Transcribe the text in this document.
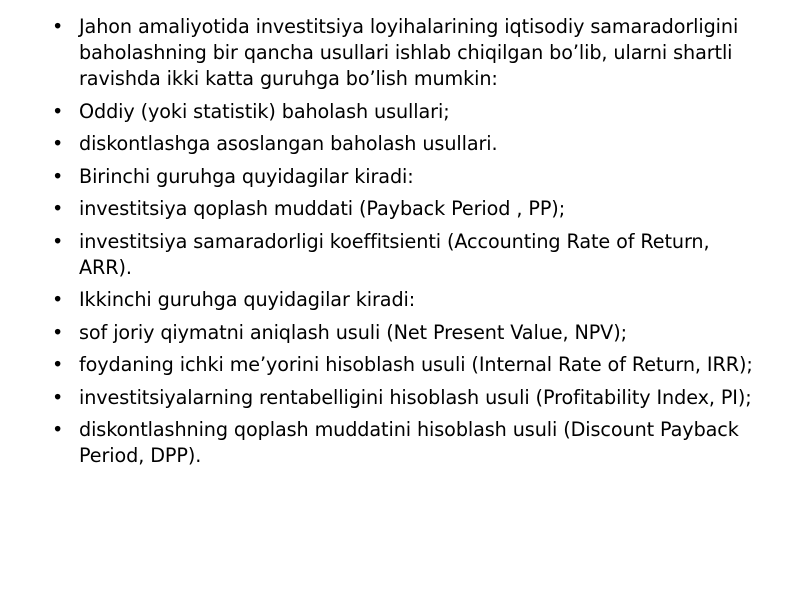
• Jahon amaliyotida investitsiya loyihalarining iqtisodiy samaradorligini baholashning bir qancha usullari ishlab chiqilgan bo’lib, ularni shartli ravishda ikki katta guruhga bo’lish mumkin:
• Oddiy (yoki statistik) baholash usullari;
• diskontlashga asoslangan baholash usullari.
• Birinchi guruhga quyidagilar kiradi:
• investitsiya qoplash muddati (Payback Period , PP);
• investitsiya samaradorligi koeffitsienti (Accounting Rate of Return, ARR).
• Ikkinchi guruhga quyidagilar kiradi:
• sof joriy qiymatni aniqlash usuli (Net Present Value, NPV);
• foydaning ichki me’yorini hisoblash usuli (Internal Rate of Return, IRR);
• investitsiyalarning rentabelligini hisoblash usuli (Profitability Index, PI);
• diskontlashning qoplash muddatini hisoblash usuli (Discount Payback Period, DPP).
